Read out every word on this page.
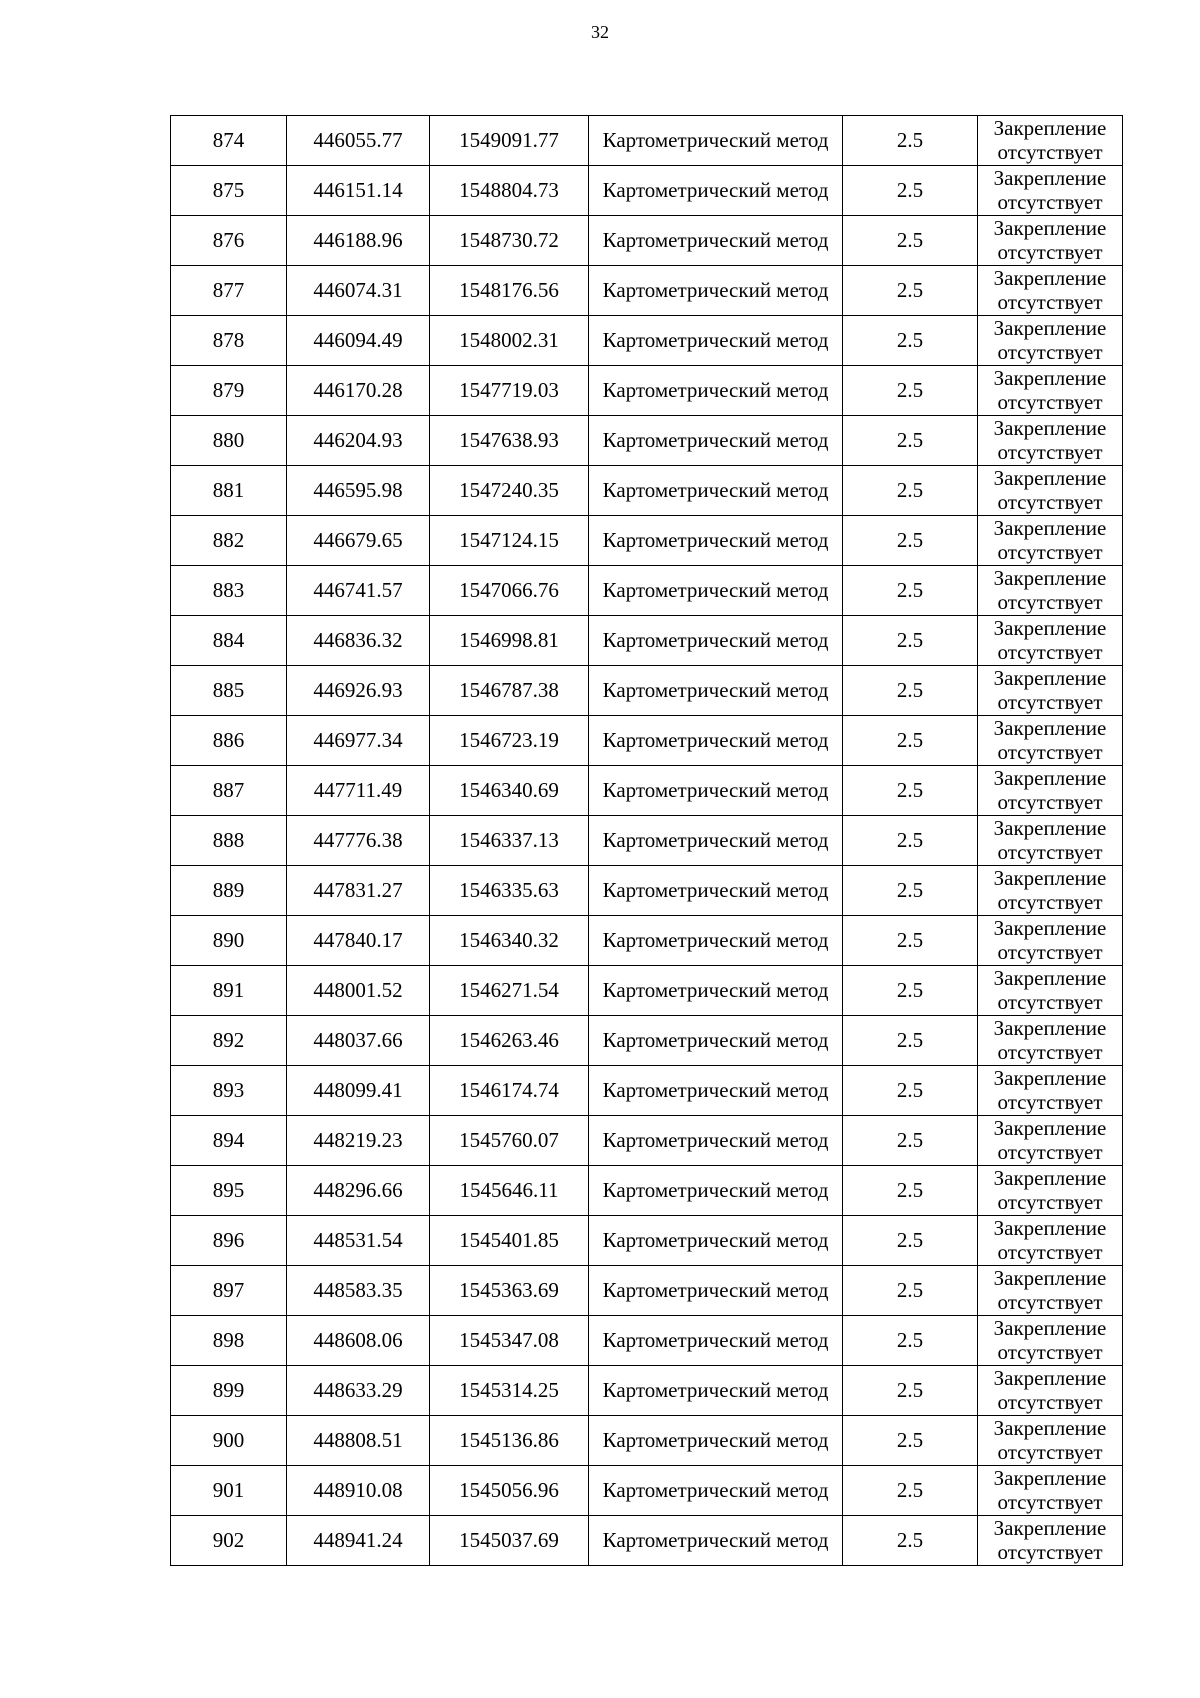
32
874	446055.77	1549091.77	Картометрический метод	2.5	Закрепление
отсутствует

875	446151.14	1548804.73	Картометрический метод	2.5	Закрепление
отсутствует

876	446188.96	1548730.72	Картометрический метод	2.5	Закрепление
отсутствует

877	446074.31	1548176.56	Картометрический метод	2.5	Закрепление
отсутствует

878	446094.49	1548002.31	Картометрический метод	2.5	Закрепление
отсутствует

879	446170.28	1547719.03	Картометрический метод	2.5	Закрепление
отсутствует

880	446204.93	1547638.93	Картометрический метод	2.5	Закрепление
отсутствует

881	446595.98	1547240.35	Картометрический метод	2.5	Закрепление
отсутствует

882	446679.65	1547124.15	Картометрический метод	2.5	Закрепление
отсутствует

883	446741.57	1547066.76	Картометрический метод	2.5	Закрепление
отсутствует

884	446836.32	1546998.81	Картометрический метод	2.5	Закрепление
отсутствует

885	446926.93	1546787.38	Картометрический метод	2.5	Закрепление
отсутствует

886	446977.34	1546723.19	Картометрический метод	2.5	Закрепление
отсутствует

887	447711.49	1546340.69	Картометрический метод	2.5	Закрепление
отсутствует

888	447776.38	1546337.13	Картометрический метод	2.5	Закрепление
отсутствует

889	447831.27	1546335.63	Картометрический метод	2.5	Закрепление
отсутствует

890	447840.17	1546340.32	Картометрический метод	2.5	Закрепление
отсутствует

891	448001.52	1546271.54	Картометрический метод	2.5	Закрепление
отсутствует

892	448037.66	1546263.46	Картометрический метод	2.5	Закрепление
отсутствует

893	448099.41	1546174.74	Картометрический метод	2.5	Закрепление
отсутствует

894	448219.23	1545760.07	Картометрический метод	2.5	Закрепление
отсутствует

895	448296.66	1545646.11	Картометрический метод	2.5	Закрепление
отсутствует

896	448531.54	1545401.85	Картометрический метод	2.5	Закрепление
отсутствует

897	448583.35	1545363.69	Картометрический метод	2.5	Закрепление
отсутствует

898	448608.06	1545347.08	Картометрический метод	2.5	Закрепление
отсутствует

899	448633.29	1545314.25	Картометрический метод	2.5	Закрепление
отсутствует

900	448808.51	1545136.86	Картометрический метод	2.5	Закрепление
отсутствует

901	448910.08	1545056.96	Картометрический метод	2.5	Закрепление
отсутствует

902	448941.24	1545037.69	Картометрический метод	2.5	Закрепление
отсутствует
